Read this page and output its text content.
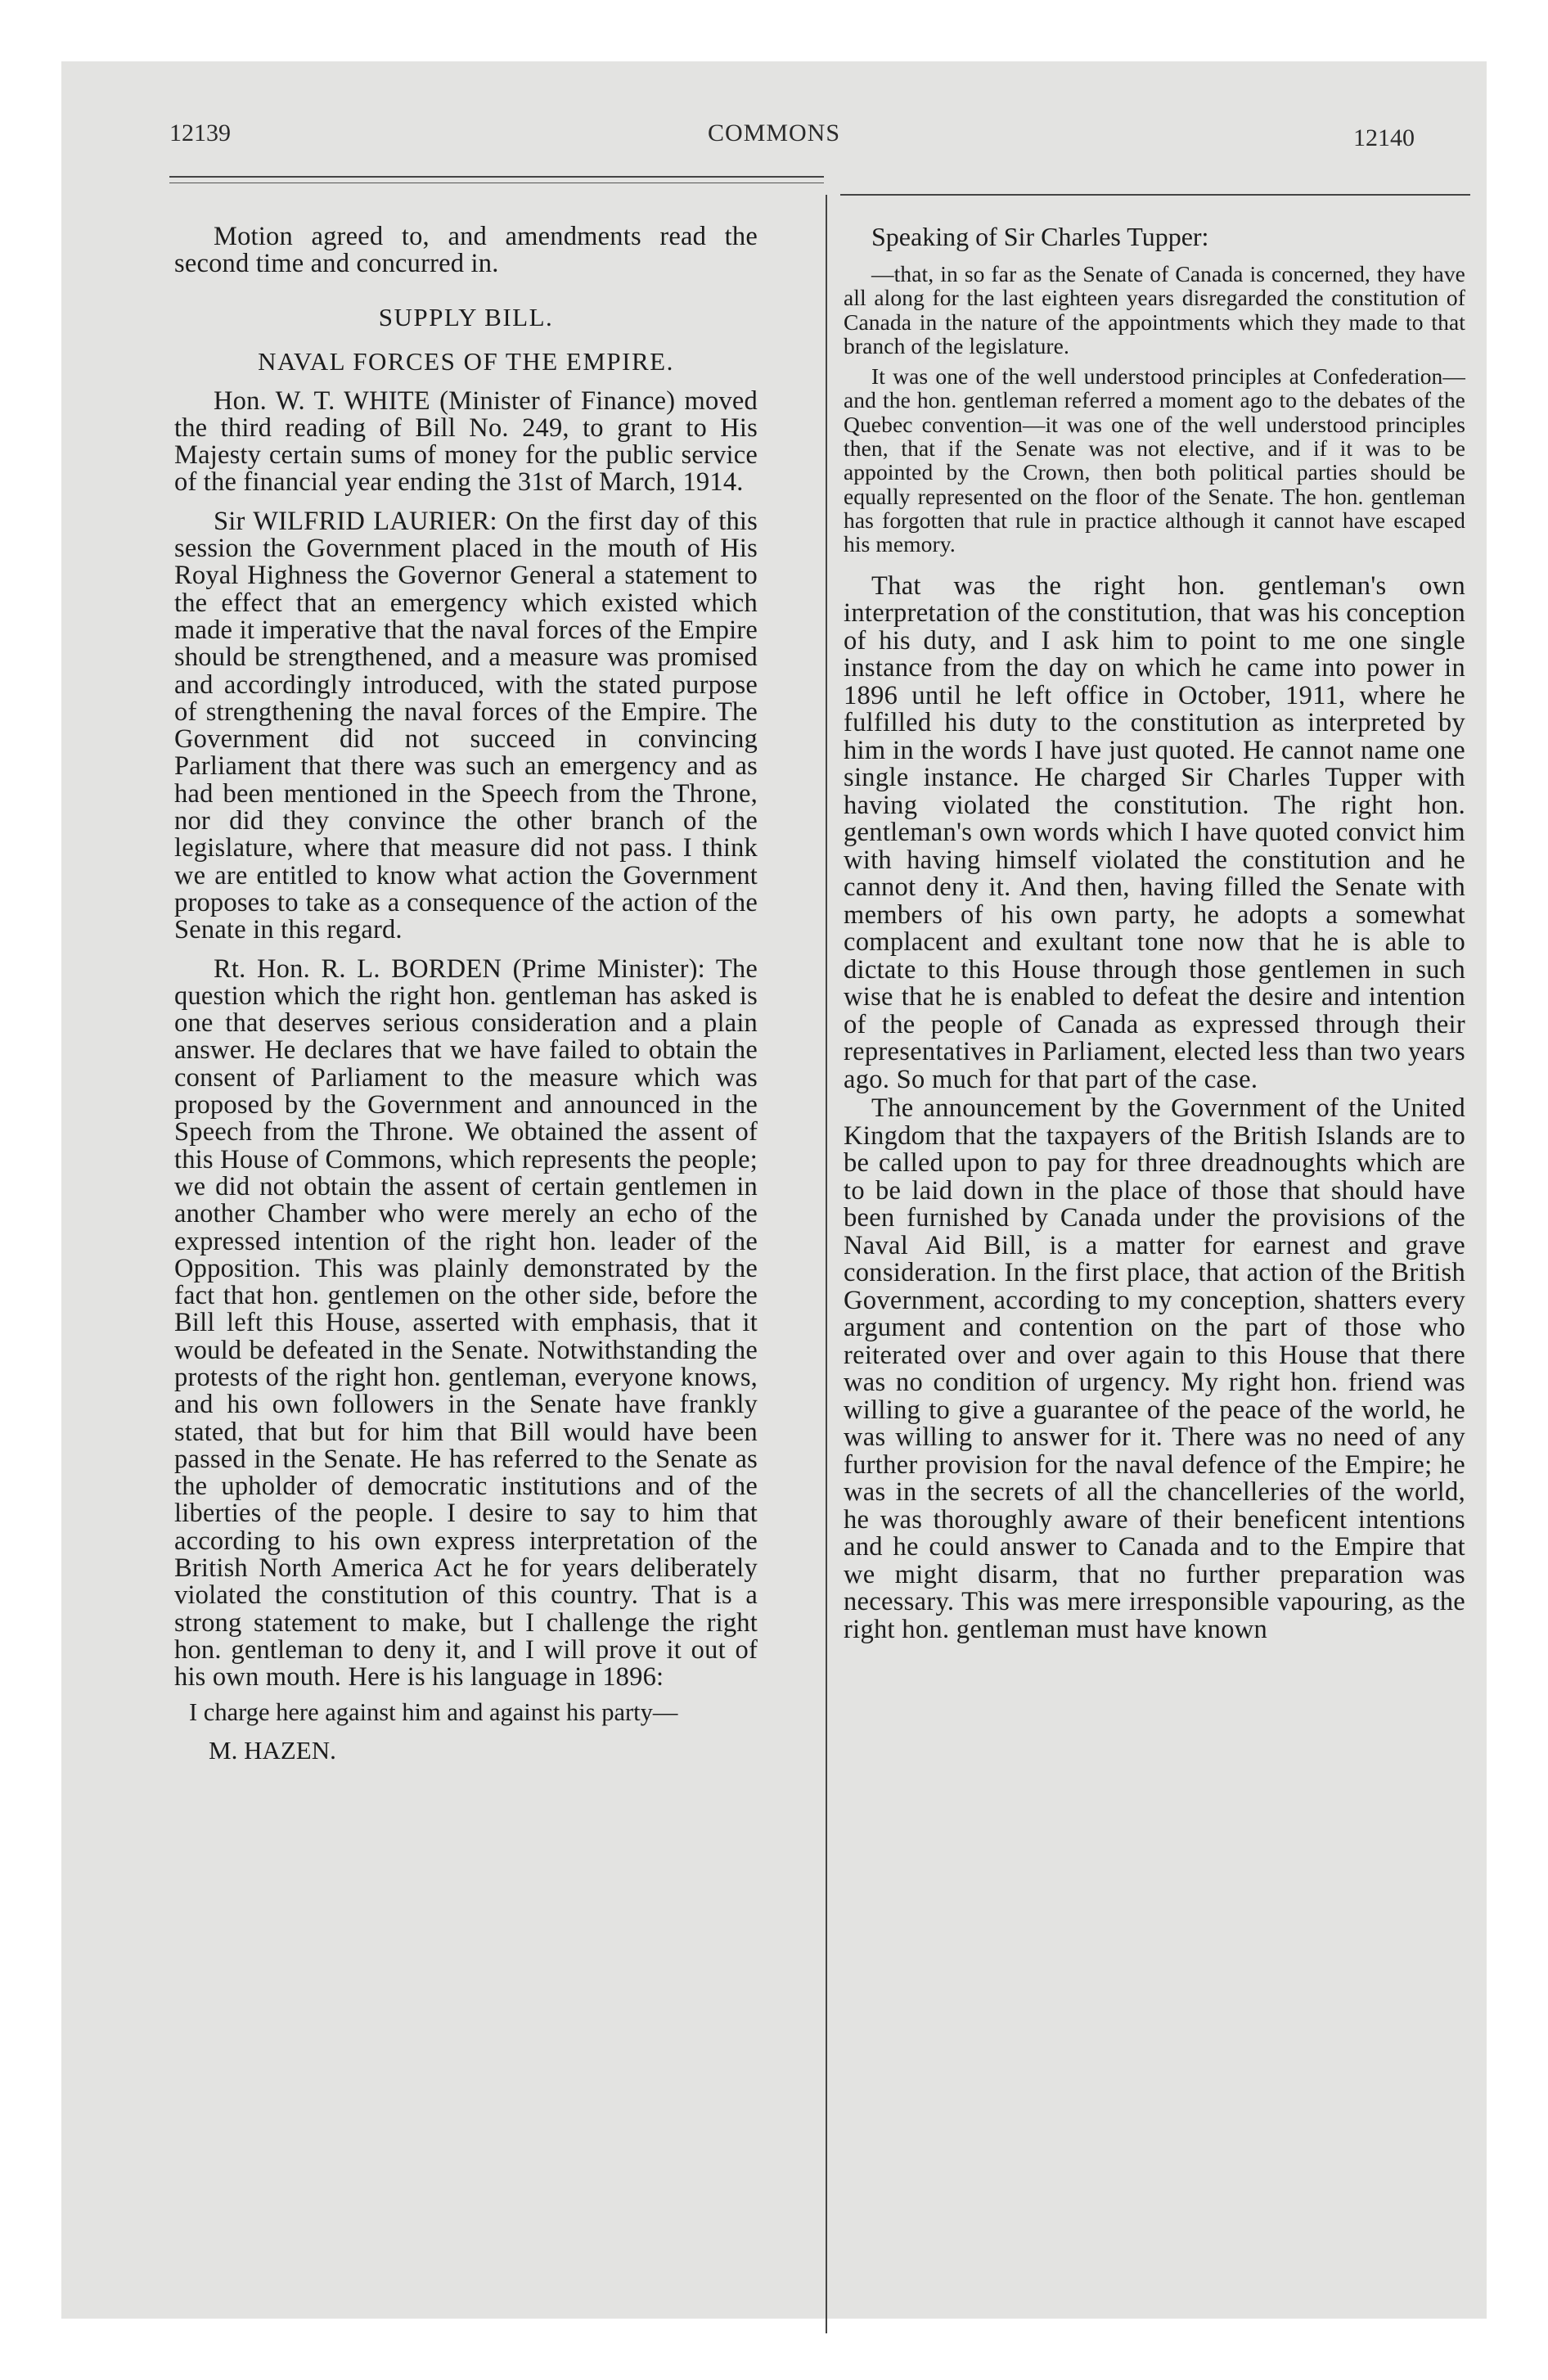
12139	COMMONS	12140

Motion agreed to, and amendments read the second time and concurred in.

SUPPLY BILL.

NAVAL FORCES OF THE EMPIRE.

Hon. W. T. WHITE (Minister of Finance) moved the third reading of Bill No. 249, to grant to His Majesty certain sums of money for the public service of the financial year ending the 31st of March, 1914.

Sir WILFRID LAURIER: On the first day of this session the Government placed in the mouth of His Royal Highness the Governor General a statement to the effect that an emergency which existed which made it imperative that the naval forces of the Empire should be strengthened, and a measure was promised and accordingly introduced, with the stated purpose of strengthening the naval forces of the Empire. The Government did not succeed in convincing Parliament that there was such an emergency and as had been mentioned in the Speech from the Throne, nor did they convince the other branch of the legislature, where that measure did not pass. I think we are entitled to know what action the Government proposes to take as a consequence of the action of the Senate in this regard.

Rt. Hon. R. L. BORDEN (Prime Minister): The question which the right hon. gentleman has asked is one that deserves serious consideration and a plain answer. He declares that we have failed to obtain the consent of Parliament to the measure which was proposed by the Government and announced in the Speech from the Throne. We obtained the assent of this House of Commons, which represents the people; we did not obtain the assent of certain gentlemen in another Chamber who were merely an echo of the expressed intention of the right hon. leader of the Opposition. This was plainly demonstrated by the fact that hon. gentlemen on the other side, before the Bill left this House, asserted with emphasis, that it would be defeated in the Senate. Notwithstanding the protests of the right hon. gentleman, everyone knows, and his own followers in the Senate have frankly stated, that but for him that Bill would have been passed in the Senate. He has referred to the Senate as the upholder of democratic institutions and of the liberties of the people. I desire to say to him that according to his own express interpretation of the British North America Act he for years deliberately violated the constitution of this country. That is a strong statement to make, but I challenge the right hon. gentleman to deny it, and I will prove it out of his own mouth. Here is his language in 1896:

I charge here against him and against his party—

M. HAZEN.

Speaking of Sir Charles Tupper:

—that, in so far as the Senate of Canada is concerned, they have all along for the last eighteen years disregarded the constitution of Canada in the nature of the appointments which they made to that branch of the legislature.

It was one of the well understood principles at Confederation—and the hon. gentleman referred a moment ago to the debates of the Quebec convention—it was one of the well understood principles then, that if the Senate was not elective, and if it was to be appointed by the Crown, then both political parties should be equally represented on the floor of the Senate. The hon. gentleman has forgotten that rule in practice although it cannot have escaped his memory.

That was the right hon. gentleman's own interpretation of the constitution, that was his conception of his duty, and I ask him to point to me one single instance from the day on which he came into power in 1896 until he left office in October, 1911, where he fulfilled his duty to the constitution as interpreted by him in the words I have just quoted. He cannot name one single instance. He charged Sir Charles Tupper with having violated the constitution. The right hon. gentleman's own words which I have quoted convict him with having himself violated the constitution and he cannot deny it. And then, having filled the Senate with members of his own party, he adopts a somewhat complacent and exultant tone now that he is able to dictate to this House through those gentlemen in such wise that he is enabled to defeat the desire and intention of the people of Canada as expressed through their representatives in Parliament, elected less than two years ago. So much for that part of the case.

The announcement by the Government of the United Kingdom that the taxpayers of the British Islands are to be called upon to pay for three dreadnoughts which are to be laid down in the place of those that should have been furnished by Canada under the provisions of the Naval Aid Bill, is a matter for earnest and grave consideration. In the first place, that action of the British Government, according to my conception, shatters every argument and contention on the part of those who reiterated over and over again to this House that there was no condition of urgency. My right hon. friend was willing to give a guarantee of the peace of the world, he was willing to answer for it. There was no need of any further provision for the naval defence of the Empire; he was in the secrets of all the chancelleries of the world, he was thoroughly aware of their beneficent intentions and he could answer to Canada and to the Empire that we might disarm, that no further preparation was necessary. This was mere irresponsible vapouring, as the right hon. gentleman must have known
